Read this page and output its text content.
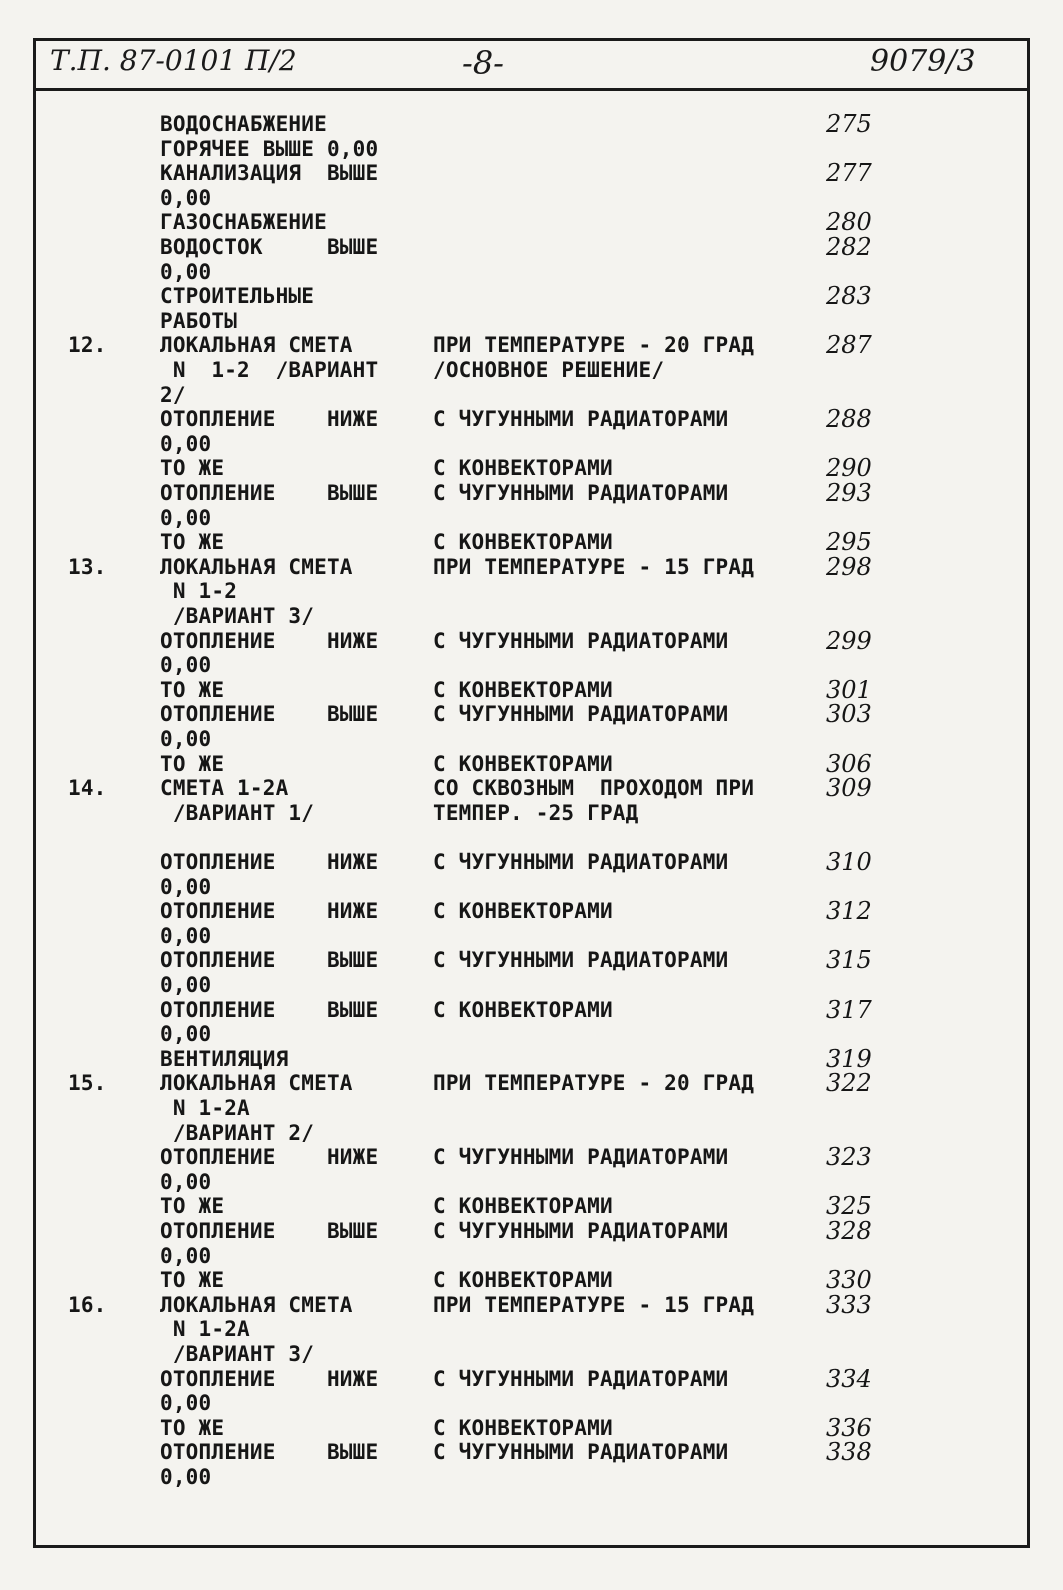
Т.П. 87-0101 П/2	-8-	9079/3
ВОДОСНАБЖЕНИЕ	275
ГОРЯЧЕЕ ВЫШЕ 0,00
КАНАЛИЗАЦИЯ  ВЫШЕ	277
0,00
ГАЗОСНАБЖЕНИЕ	280
ВОДОСТОК     ВЫШЕ	282
0,00
СТРОИТЕЛЬНЫЕ	283
РАБОТЫ
12.	ЛОКАЛЬНАЯ СМЕТА	ПРИ ТЕМПЕРАТУРЕ - 20 ГРАД	287
N  1-2  /ВАРИАНТ	/ОСНОВНОЕ РЕШЕНИЕ/
2/
ОТОПЛЕНИЕ    НИЖЕ	С ЧУГУННЫМИ РАДИАТОРАМИ	288
0,00
ТО ЖЕ	С КОНВЕКТОРАМИ	290
ОТОПЛЕНИЕ    ВЫШЕ	С ЧУГУННЫМИ РАДИАТОРАМИ	293
0,00
ТО ЖЕ	С КОНВЕКТОРАМИ	295
13.	ЛОКАЛЬНАЯ СМЕТА	ПРИ ТЕМПЕРАТУРЕ - 15 ГРАД	298
N 1-2
/ВАРИАНТ 3/
ОТОПЛЕНИЕ    НИЖЕ	С ЧУГУННЫМИ РАДИАТОРАМИ	299
0,00
ТО ЖЕ	С КОНВЕКТОРАМИ	301
ОТОПЛЕНИЕ    ВЫШЕ	С ЧУГУННЫМИ РАДИАТОРАМИ	303
0,00
ТО ЖЕ	С КОНВЕКТОРАМИ	306
14.	СМЕТА 1-2А	СО СКВОЗНЫМ  ПРОХОДОМ ПРИ	309
/ВАРИАНТ 1/	ТЕМПЕР. -25 ГРАД
ОТОПЛЕНИЕ    НИЖЕ	С ЧУГУННЫМИ РАДИАТОРАМИ	310
0,00
ОТОПЛЕНИЕ    НИЖЕ	С КОНВЕКТОРАМИ	312
0,00
ОТОПЛЕНИЕ    ВЫШЕ	С ЧУГУННЫМИ РАДИАТОРАМИ	315
0,00
ОТОПЛЕНИЕ    ВЫШЕ	С КОНВЕКТОРАМИ	317
0,00
ВЕНТИЛЯЦИЯ	319
15.	ЛОКАЛЬНАЯ СМЕТА	ПРИ ТЕМПЕРАТУРЕ - 20 ГРАД	322
N 1-2А
/ВАРИАНТ 2/
ОТОПЛЕНИЕ    НИЖЕ	С ЧУГУННЫМИ РАДИАТОРАМИ	323
0,00
ТО ЖЕ	С КОНВЕКТОРАМИ	325
ОТОПЛЕНИЕ    ВЫШЕ	С ЧУГУННЫМИ РАДИАТОРАМИ	328
0,00
ТО ЖЕ	С КОНВЕКТОРАМИ	330
16.	ЛОКАЛЬНАЯ СМЕТА	ПРИ ТЕМПЕРАТУРЕ - 15 ГРАД	333
N 1-2А
/ВАРИАНТ 3/
ОТОПЛЕНИЕ    НИЖЕ	С ЧУГУННЫМИ РАДИАТОРАМИ	334
0,00
ТО ЖЕ	С КОНВЕКТОРАМИ	336
ОТОПЛЕНИЕ    ВЫШЕ	С ЧУГУННЫМИ РАДИАТОРАМИ	338
0,00
